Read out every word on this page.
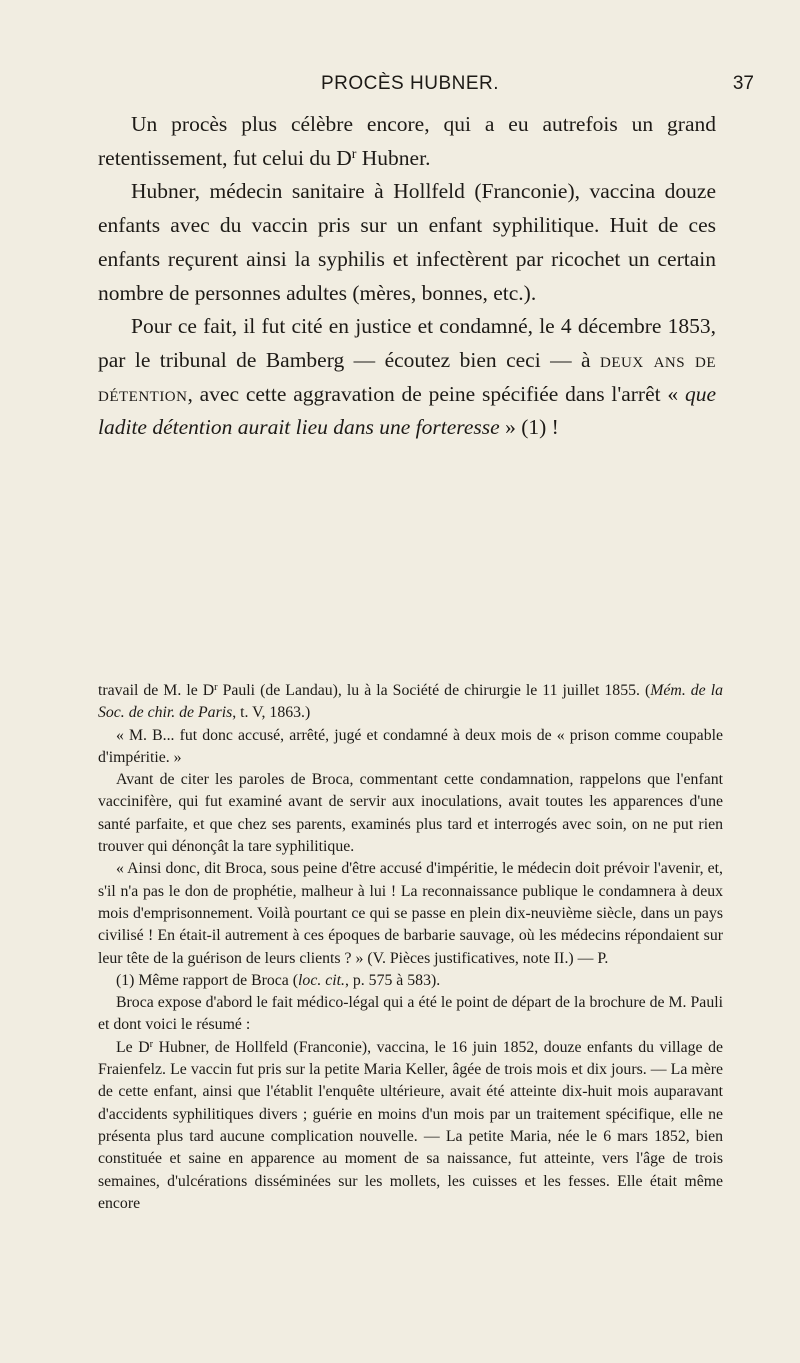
PROCÈS HUBNER.	37

Un procès plus célèbre encore, qui a eu autrefois un grand retentissement, fut celui du $D^r$ Hubner.

Hubner, médecin sanitaire à Hollfeld (Franconie), vaccina douze enfants avec du vaccin pris sur un enfant syphilitique. Huit de ces enfants reçurent ainsi la syphilis et infectèrent par ricochet un certain nombre de personnes adultes (mères, bonnes, etc.).

Pour ce fait, il fut cité en justice et condamné, le 4 décembre 1853, par le tribunal de Bamberg — écoutez bien ceci — à deux ans de détention, avec cette aggravation de peine spécifiée dans l'arrêt « que ladite détention aurait lieu dans une forteresse » (1) !

travail de M. le $D^r$ Pauli (de Landau), lu à la Société de chirurgie le 11 juillet 1855. (Mém. de la Soc. de chir. de Paris, t. V, 1863.)

« M. B... fut donc accusé, arrêté, jugé et condamné à deux mois de « prison comme coupable d'impéritie. »

Avant de citer les paroles de Broca, commentant cette condamnation, rappelons que l'enfant vaccinifère, qui fut examiné avant de servir aux inoculations, avait toutes les apparences d'une santé parfaite, et que chez ses parents, examinés plus tard et interrogés avec soin, on ne put rien trouver qui dénonçât la tare syphilitique.

« Ainsi donc, dit Broca, sous peine d'être accusé d'impéritie, le médecin doit prévoir l'avenir, et, s'il n'a pas le don de prophétie, malheur à lui ! La reconnaissance publique le condamnera à deux mois d'emprisonnement. Voilà pourtant ce qui se passe en plein dix-neuvième siècle, dans un pays civilisé ! En était-il autrement à ces époques de barbarie sauvage, où les médecins répondaient sur leur tête de la guérison de leurs clients ? » (V. Pièces justificatives, note II.) — P.

(1) Même rapport de Broca (loc. cit., p. 575 à 583).

Broca expose d'abord le fait médico-légal qui a été le point de départ de la brochure de M. Pauli et dont voici le résumé :

Le $D^r$ Hubner, de Hollfeld (Franconie), vaccina, le 16 juin 1852, douze enfants du village de Fraienfelz. Le vaccin fut pris sur la petite Maria Keller, âgée de trois mois et dix jours. — La mère de cette enfant, ainsi que l'établit l'enquête ultérieure, avait été atteinte dix-huit mois auparavant d'accidents syphilitiques divers ; guérie en moins d'un mois par un traitement spécifique, elle ne présenta plus tard aucune complication nouvelle. — La petite Maria, née le 6 mars 1852, bien constituée et saine en apparence au moment de sa naissance, fut atteinte, vers l'âge de trois semaines, d'ulcérations disséminées sur les mollets, les cuisses et les fesses. Elle était même encore
